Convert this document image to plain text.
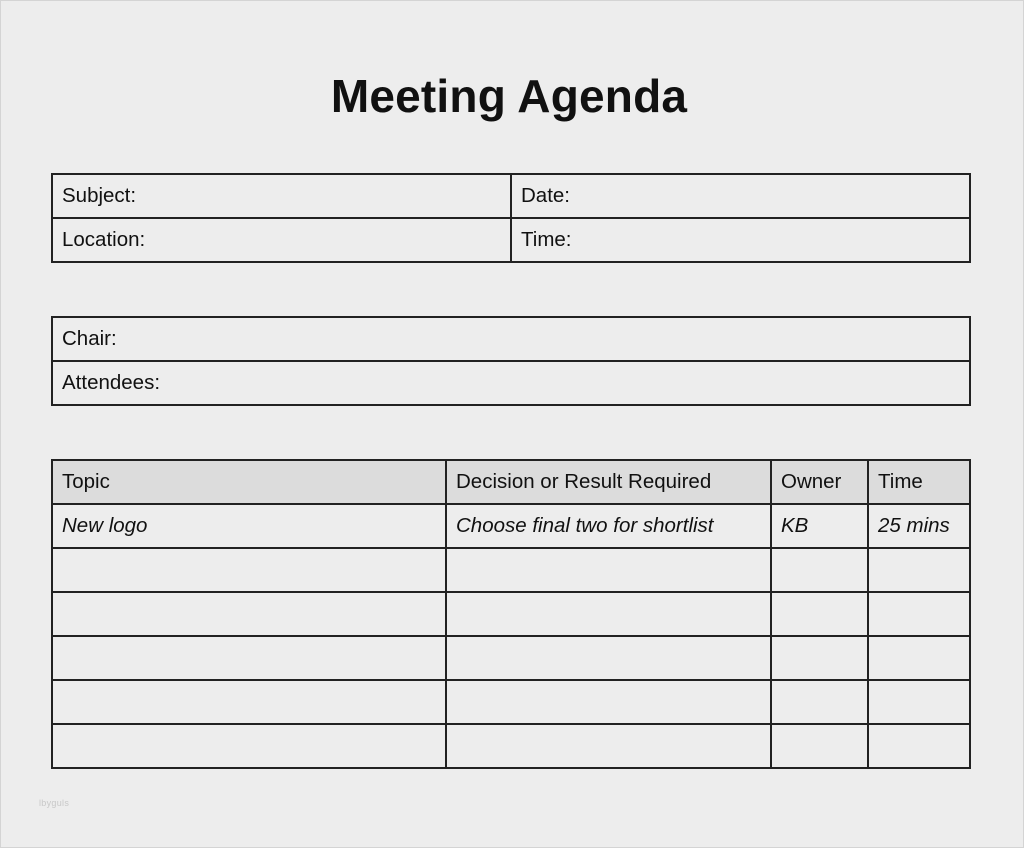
Meeting Agenda
Subject:	Date:
Location:	Time:
Chair:
Attendees:
Topic	Decision or Result Required	Owner	Time
New logo	Choose final two for shortlist	KB	25 mins

lbyguls
